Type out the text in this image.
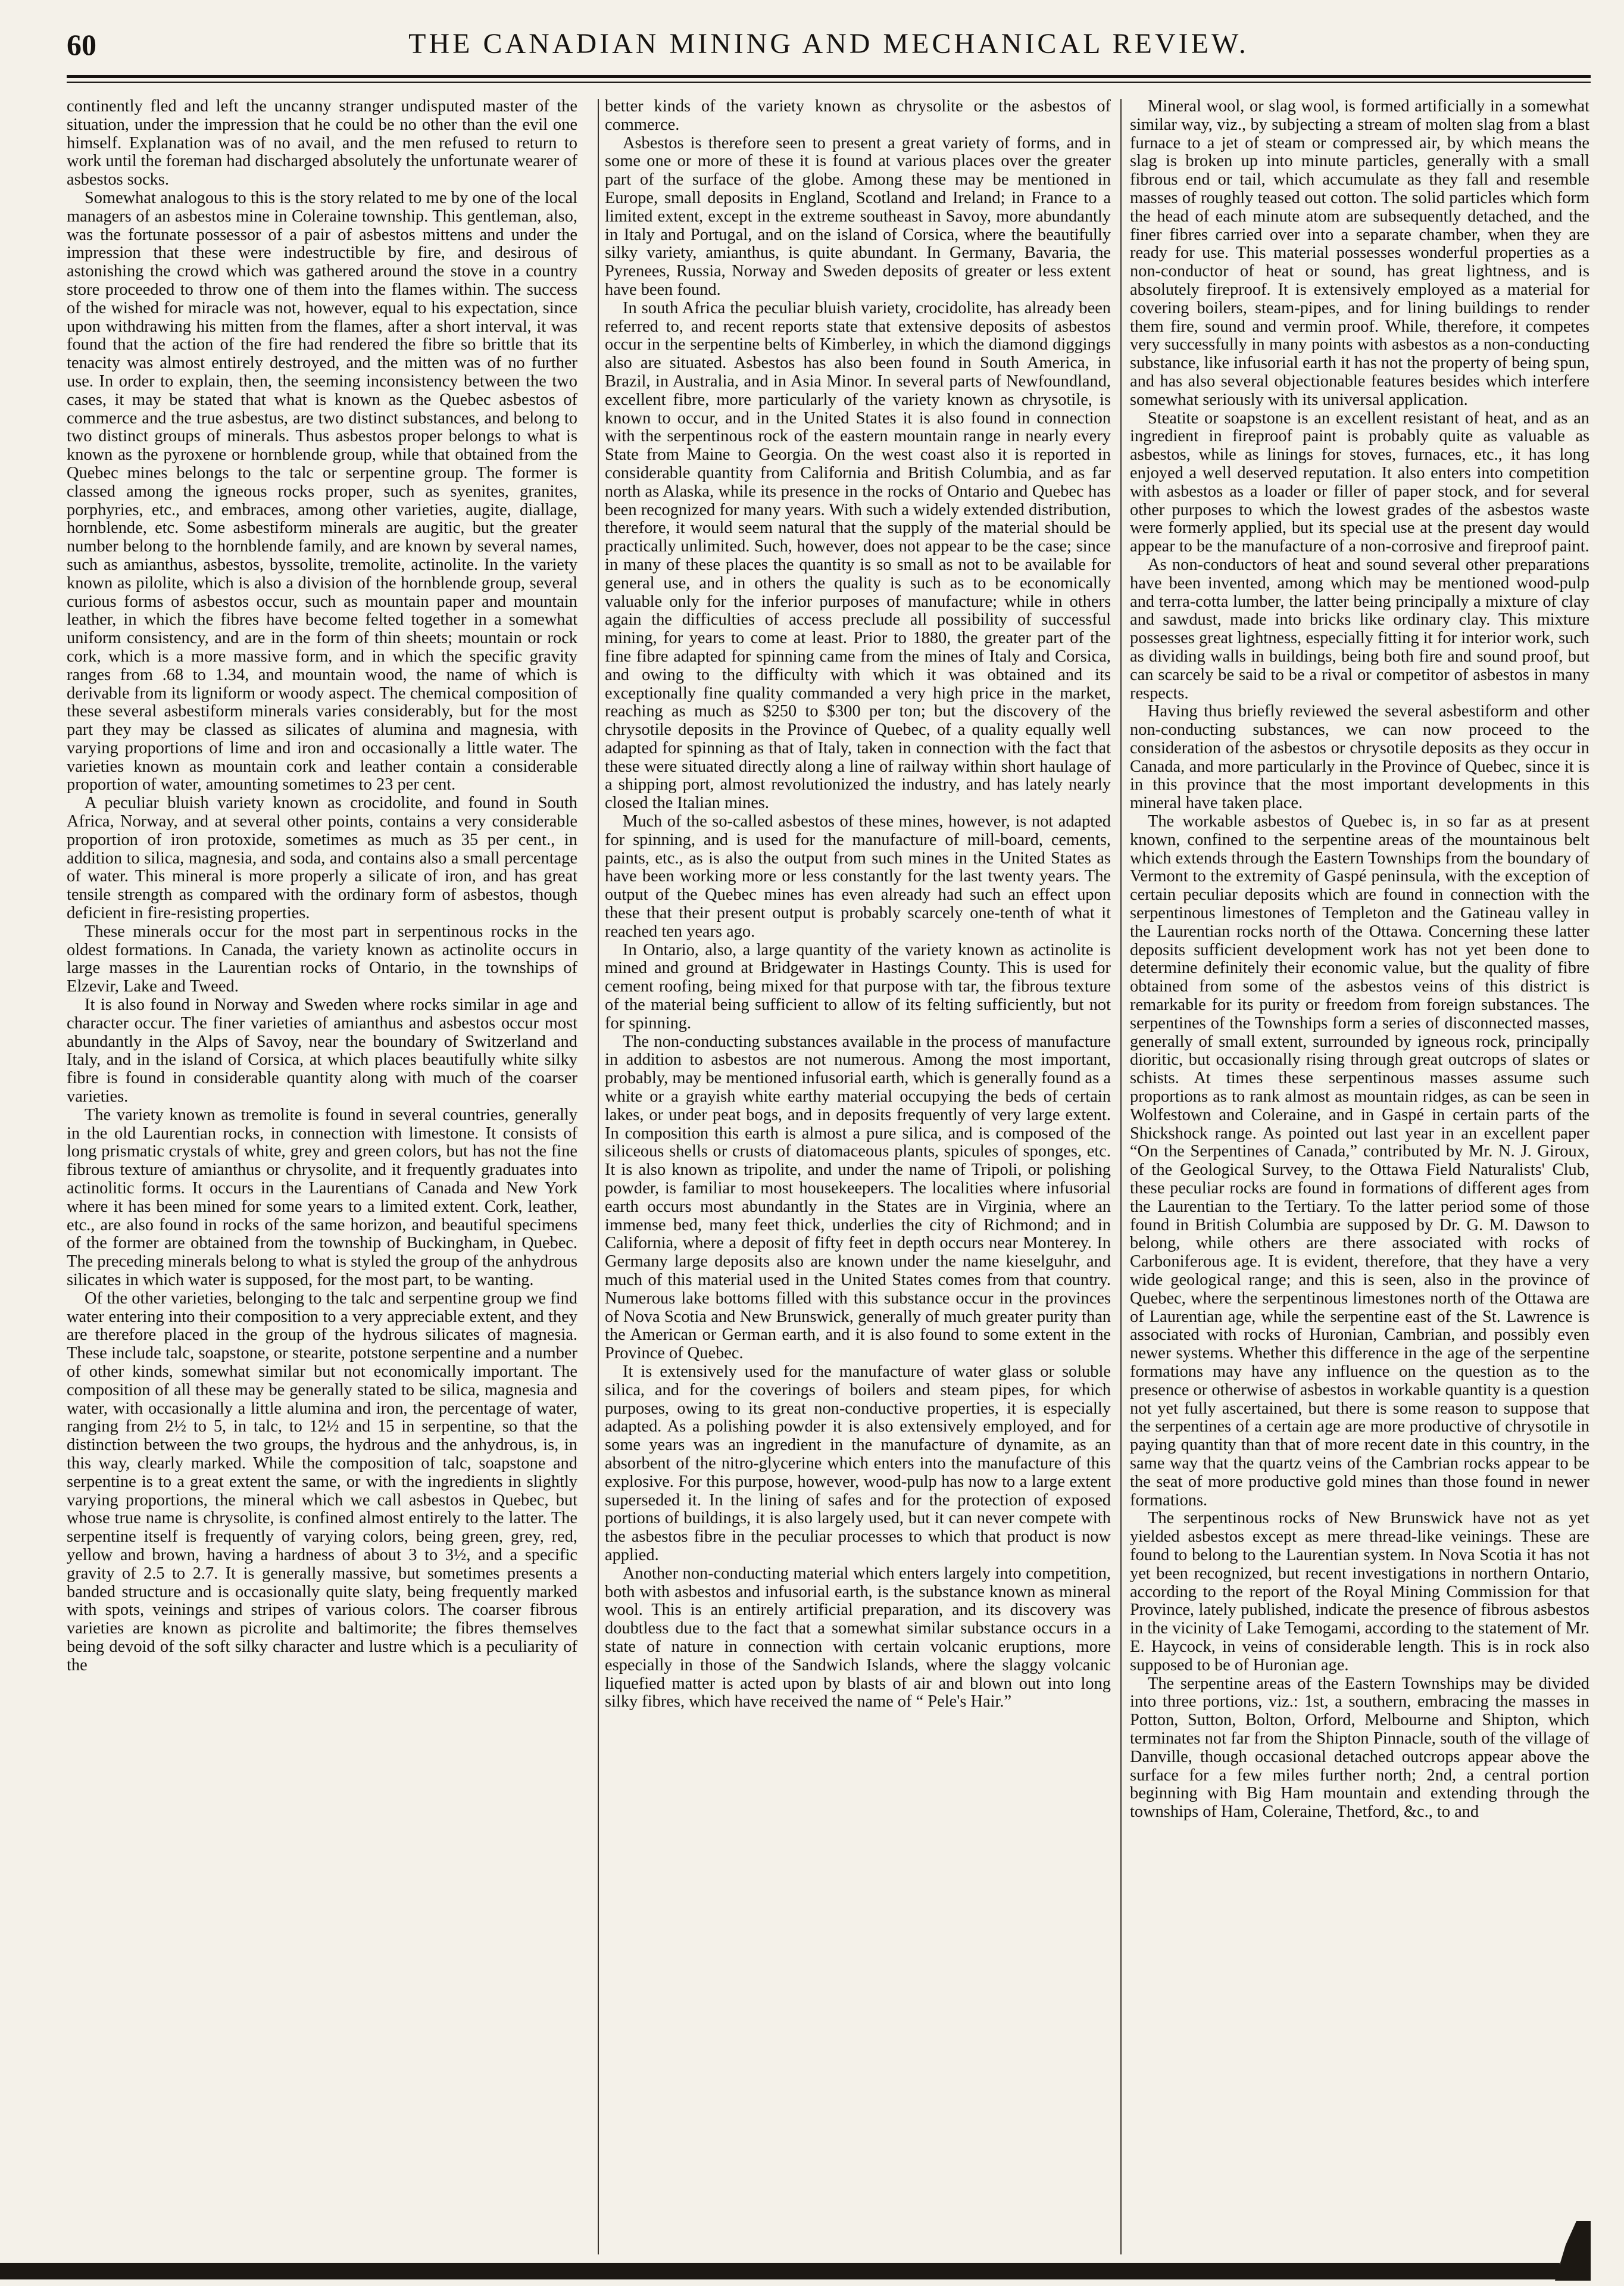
60	THE CANADIAN MINING AND MECHANICAL REVIEW.

continently fled and left the uncanny stranger undisputed master of the situation, under the impression that he could be no other than the evil one himself. Explanation was of no avail, and the men refused to return to work until the foreman had discharged absolutely the unfortunate wearer of asbestos socks.

Somewhat analogous to this is the story related to me by one of the local managers of an asbestos mine in Coleraine township. This gentleman, also, was the fortunate possessor of a pair of asbestos mittens and under the impression that these were indestructible by fire, and desirous of astonishing the crowd which was gathered around the stove in a country store proceeded to throw one of them into the flames within. The success of the wished for miracle was not, however, equal to his expectation, since upon withdrawing his mitten from the flames, after a short interval, it was found that the action of the fire had rendered the fibre so brittle that its tenacity was almost entirely destroyed, and the mitten was of no further use. In order to explain, then, the seeming inconsistency between the two cases, it may be stated that what is known as the Quebec asbestos of commerce and the true asbestus, are two distinct substances, and belong to two distinct groups of minerals. Thus asbestos proper belongs to what is known as the pyroxene or hornblende group, while that obtained from the Quebec mines belongs to the talc or serpentine group. The former is classed among the igneous rocks proper, such as syenites, granites, porphyries, etc., and embraces, among other varieties, augite, diallage, hornblende, etc. Some asbestiform minerals are augitic, but the greater number belong to the hornblende family, and are known by several names, such as amianthus, asbestos, byssolite, tremolite, actinolite. In the variety known as pilolite, which is also a division of the hornblende group, several curious forms of asbestos occur, such as mountain paper and mountain leather, in which the fibres have become felted together in a somewhat uniform consistency, and are in the form of thin sheets; mountain or rock cork, which is a more massive form, and in which the specific gravity ranges from .68 to 1.34, and mountain wood, the name of which is derivable from its ligniform or woody aspect. The chemical composition of these several asbestiform minerals varies considerably, but for the most part they may be classed as silicates of alumina and magnesia, with varying proportions of lime and iron and occasionally a little water. The varieties known as mountain cork and leather contain a considerable proportion of water, amounting sometimes to 23 per cent.

A peculiar bluish variety known as crocidolite, and found in South Africa, Norway, and at several other points, contains a very considerable proportion of iron protoxide, sometimes as much as 35 per cent., in addition to silica, magnesia, and soda, and contains also a small percentage of water. This mineral is more properly a silicate of iron, and has great tensile strength as compared with the ordinary form of asbestos, though deficient in fire-resisting properties.

These minerals occur for the most part in serpentinous rocks in the oldest formations. In Canada, the variety known as actinolite occurs in large masses in the Laurentian rocks of Ontario, in the townships of Elzevir, Lake and Tweed.

It is also found in Norway and Sweden where rocks similar in age and character occur. The finer varieties of amianthus and asbestos occur most abundantly in the Alps of Savoy, near the boundary of Switzerland and Italy, and in the island of Corsica, at which places beautifully white silky fibre is found in considerable quantity along with much of the coarser varieties.

The variety known as tremolite is found in several countries, generally in the old Laurentian rocks, in connection with limestone. It consists of long prismatic crystals of white, grey and green colors, but has not the fine fibrous texture of amianthus or chrysolite, and it frequently graduates into actinolitic forms. It occurs in the Laurentians of Canada and New York where it has been mined for some years to a limited extent. Cork, leather, etc., are also found in rocks of the same horizon, and beautiful specimens of the former are obtained from the township of Buckingham, in Quebec. The preceding minerals belong to what is styled the group of the anhydrous silicates in which water is supposed, for the most part, to be wanting.

Of the other varieties, belonging to the talc and serpentine group we find water entering into their composition to a very appreciable extent, and they are therefore placed in the group of the hydrous silicates of magnesia. These include talc, soapstone, or stearite, potstone serpentine and a number of other kinds, somewhat similar but not economically important. The composition of all these may be generally stated to be silica, magnesia and water, with occasionally a little alumina and iron, the percentage of water, ranging from 2½ to 5, in talc, to 12½ and 15 in serpentine, so that the distinction between the two groups, the hydrous and the anhydrous, is, in this way, clearly marked. While the composition of talc, soapstone and serpentine is to a great extent the same, or with the ingredients in slightly varying proportions, the mineral which we call asbestos in Quebec, but whose true name is chrysolite, is confined almost entirely to the latter. The serpentine itself is frequently of varying colors, being green, grey, red, yellow and brown, having a hardness of about 3 to 3½, and a specific gravity of 2.5 to 2.7. It is generally massive, but sometimes presents a banded structure and is occasionally quite slaty, being frequently marked with spots, veinings and stripes of various colors. The coarser fibrous varieties are known as picrolite and baltimorite; the fibres themselves being devoid of the soft silky character and lustre which is a peculiarity of the

better kinds of the variety known as chrysolite or the asbestos of commerce.

Asbestos is therefore seen to present a great variety of forms, and in some one or more of these it is found at various places over the greater part of the surface of the globe. Among these may be mentioned in Europe, small deposits in England, Scotland and Ireland; in France to a limited extent, except in the extreme southeast in Savoy, more abundantly in Italy and Portugal, and on the island of Corsica, where the beautifully silky variety, amianthus, is quite abundant. In Germany, Bavaria, the Pyrenees, Russia, Norway and Sweden deposits of greater or less extent have been found.

In south Africa the peculiar bluish variety, crocidolite, has already been referred to, and recent reports state that extensive deposits of asbestos occur in the serpentine belts of Kimberley, in which the diamond diggings also are situated. Asbestos has also been found in South America, in Brazil, in Australia, and in Asia Minor. In several parts of Newfoundland, excellent fibre, more particularly of the variety known as chrysotile, is known to occur, and in the United States it is also found in connection with the serpentinous rock of the eastern mountain range in nearly every State from Maine to Georgia. On the west coast also it is reported in considerable quantity from California and British Columbia, and as far north as Alaska, while its presence in the rocks of Ontario and Quebec has been recognized for many years. With such a widely extended distribution, therefore, it would seem natural that the supply of the material should be practically unlimited. Such, however, does not appear to be the case; since in many of these places the quantity is so small as not to be available for general use, and in others the quality is such as to be economically valuable only for the inferior purposes of manufacture; while in others again the difficulties of access preclude all possibility of successful mining, for years to come at least. Prior to 1880, the greater part of the fine fibre adapted for spinning came from the mines of Italy and Corsica, and owing to the difficulty with which it was obtained and its exceptionally fine quality commanded a very high price in the market, reaching as much as $250 to $300 per ton; but the discovery of the chrysotile deposits in the Province of Quebec, of a quality equally well adapted for spinning as that of Italy, taken in connection with the fact that these were situated directly along a line of railway within short haulage of a shipping port, almost revolutionized the industry, and has lately nearly closed the Italian mines.

Much of the so-called asbestos of these mines, however, is not adapted for spinning, and is used for the manufacture of mill-board, cements, paints, etc., as is also the output from such mines in the United States as have been working more or less constantly for the last twenty years. The output of the Quebec mines has even already had such an effect upon these that their present output is probably scarcely one-tenth of what it reached ten years ago.

In Ontario, also, a large quantity of the variety known as actinolite is mined and ground at Bridgewater in Hastings County. This is used for cement roofing, being mixed for that purpose with tar, the fibrous texture of the material being sufficient to allow of its felting sufficiently, but not for spinning.

The non-conducting substances available in the process of manufacture in addition to asbestos are not numerous. Among the most important, probably, may be mentioned infusorial earth, which is generally found as a white or a grayish white earthy material occupying the beds of certain lakes, or under peat bogs, and in deposits frequently of very large extent. In composition this earth is almost a pure silica, and is composed of the siliceous shells or crusts of diatomaceous plants, spicules of sponges, etc. It is also known as tripolite, and under the name of Tripoli, or polishing powder, is familiar to most housekeepers. The localities where infusorial earth occurs most abundantly in the States are in Virginia, where an immense bed, many feet thick, underlies the city of Richmond; and in California, where a deposit of fifty feet in depth occurs near Monterey. In Germany large deposits also are known under the name kieselguhr, and much of this material used in the United States comes from that country. Numerous lake bottoms filled with this substance occur in the provinces of Nova Scotia and New Brunswick, generally of much greater purity than the American or German earth, and it is also found to some extent in the Province of Quebec.

It is extensively used for the manufacture of water glass or soluble silica, and for the coverings of boilers and steam pipes, for which purposes, owing to its great non-conductive properties, it is especially adapted. As a polishing powder it is also extensively employed, and for some years was an ingredient in the manufacture of dynamite, as an absorbent of the nitro-glycerine which enters into the manufacture of this explosive. For this purpose, however, wood-pulp has now to a large extent superseded it. In the lining of safes and for the protection of exposed portions of buildings, it is also largely used, but it can never compete with the asbestos fibre in the peculiar processes to which that product is now applied.

Another non-conducting material which enters largely into competition, both with asbestos and infusorial earth, is the substance known as mineral wool. This is an entirely artificial preparation, and its discovery was doubtless due to the fact that a somewhat similar substance occurs in a state of nature in connection with certain volcanic eruptions, more especially in those of the Sandwich Islands, where the slaggy volcanic liquefied matter is acted upon by blasts of air and blown out into long silky fibres, which have received the name of “ Pele's Hair.”

Mineral wool, or slag wool, is formed artificially in a somewhat similar way, viz., by subjecting a stream of molten slag from a blast furnace to a jet of steam or compressed air, by which means the slag is broken up into minute particles, generally with a small fibrous end or tail, which accumulate as they fall and resemble masses of roughly teased out cotton. The solid particles which form the head of each minute atom are subsequently detached, and the finer fibres carried over into a separate chamber, when they are ready for use. This material possesses wonderful properties as a non-conductor of heat or sound, has great lightness, and is absolutely fireproof. It is extensively employed as a material for covering boilers, steam-pipes, and for lining buildings to render them fire, sound and vermin proof. While, therefore, it competes very successfully in many points with asbestos as a non-conducting substance, like infusorial earth it has not the property of being spun, and has also several objectionable features besides which interfere somewhat seriously with its universal application.

Steatite or soapstone is an excellent resistant of heat, and as an ingredient in fireproof paint is probably quite as valuable as asbestos, while as linings for stoves, furnaces, etc., it has long enjoyed a well deserved reputation. It also enters into competition with asbestos as a loader or filler of paper stock, and for several other purposes to which the lowest grades of the asbestos waste were formerly applied, but its special use at the present day would appear to be the manufacture of a non-corrosive and fireproof paint.

As non-conductors of heat and sound several other preparations have been invented, among which may be mentioned wood-pulp and terra-cotta lumber, the latter being principally a mixture of clay and sawdust, made into bricks like ordinary clay. This mixture possesses great lightness, especially fitting it for interior work, such as dividing walls in buildings, being both fire and sound proof, but can scarcely be said to be a rival or competitor of asbestos in many respects.

Having thus briefly reviewed the several asbestiform and other non-conducting substances, we can now proceed to the consideration of the asbestos or chrysotile deposits as they occur in Canada, and more particularly in the Province of Quebec, since it is in this province that the most important developments in this mineral have taken place.

The workable asbestos of Quebec is, in so far as at present known, confined to the serpentine areas of the mountainous belt which extends through the Eastern Townships from the boundary of Vermont to the extremity of Gaspé peninsula, with the exception of certain peculiar deposits which are found in connection with the serpentinous limestones of Templeton and the Gatineau valley in the Laurentian rocks north of the Ottawa. Concerning these latter deposits sufficient development work has not yet been done to determine definitely their economic value, but the quality of fibre obtained from some of the asbestos veins of this district is remarkable for its purity or freedom from foreign substances. The serpentines of the Townships form a series of disconnected masses, generally of small extent, surrounded by igneous rock, principally dioritic, but occasionally rising through great outcrops of slates or schists. At times these serpentinous masses assume such proportions as to rank almost as mountain ridges, as can be seen in Wolfestown and Coleraine, and in Gaspé in certain parts of the Shickshock range. As pointed out last year in an excellent paper “On the Serpentines of Canada,” contributed by Mr. N. J. Giroux, of the Geological Survey, to the Ottawa Field Naturalists' Club, these peculiar rocks are found in formations of different ages from the Laurentian to the Tertiary. To the latter period some of those found in British Columbia are supposed by Dr. G. M. Dawson to belong, while others are there associated with rocks of Carboniferous age. It is evident, therefore, that they have a very wide geological range; and this is seen, also in the province of Quebec, where the serpentinous limestones north of the Ottawa are of Laurentian age, while the serpentine east of the St. Lawrence is associated with rocks of Huronian, Cambrian, and possibly even newer systems. Whether this difference in the age of the serpentine formations may have any influence on the question as to the presence or otherwise of asbestos in workable quantity is a question not yet fully ascertained, but there is some reason to suppose that the serpentines of a certain age are more productive of chrysotile in paying quantity than that of more recent date in this country, in the same way that the quartz veins of the Cambrian rocks appear to be the seat of more productive gold mines than those found in newer formations.

The serpentinous rocks of New Brunswick have not as yet yielded asbestos except as mere thread-like veinings. These are found to belong to the Laurentian system. In Nova Scotia it has not yet been recognized, but recent investigations in northern Ontario, according to the report of the Royal Mining Commission for that Province, lately published, indicate the presence of fibrous asbestos in the vicinity of Lake Temogami, according to the statement of Mr. E. Haycock, in veins of considerable length. This is in rock also supposed to be of Huronian age.

The serpentine areas of the Eastern Townships may be divided into three portions, viz.: 1st, a southern, embracing the masses in Potton, Sutton, Bolton, Orford, Melbourne and Shipton, which terminates not far from the Shipton Pinnacle, south of the village of Danville, though occasional detached outcrops appear above the surface for a few miles further north; 2nd, a central portion beginning with Big Ham mountain and extending through the townships of Ham, Coleraine, Thetford, &c., to and
